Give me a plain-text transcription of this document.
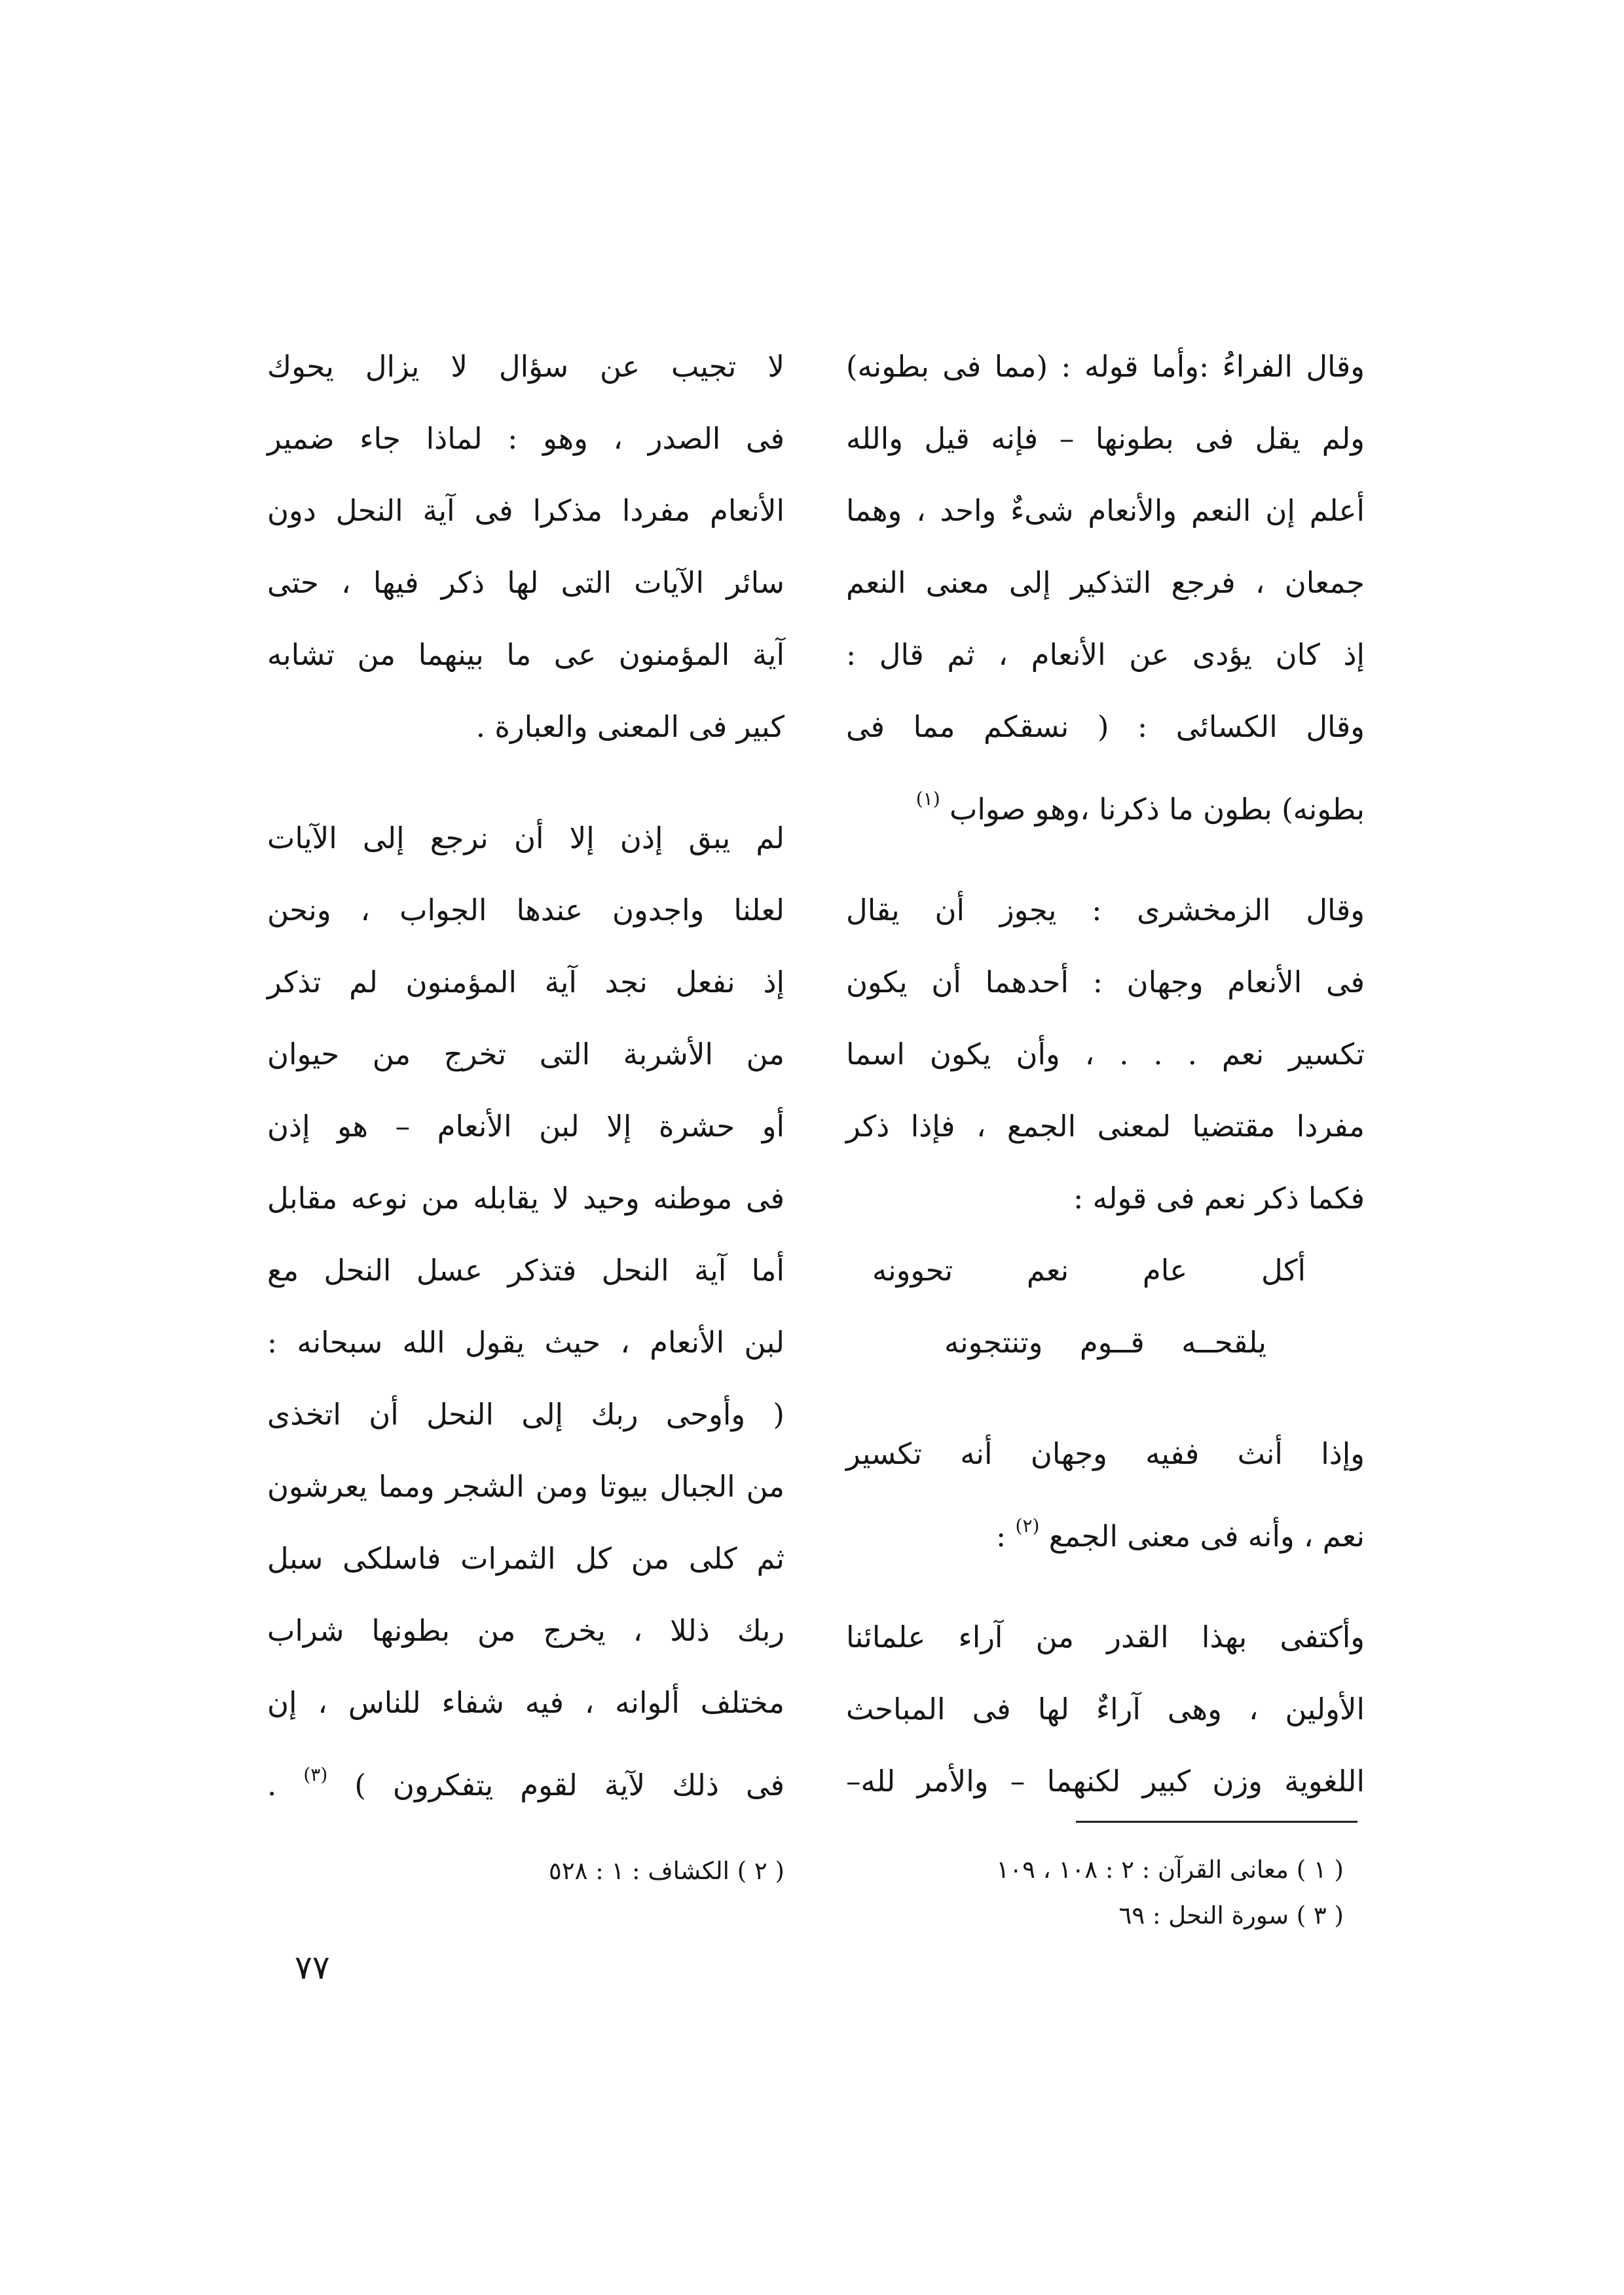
وقال الفراءُ :وأما قوله : (مما فى بطونه)
ولم يقل فى بطونها – فإنه قيل والله
أعلم إن النعم والأنعام شىءٌ واحد ، وهما
جمعان ، فرجع التذكير إلى معنى النعم
إذ كان يؤدى عن الأنعام ، ثم قال :
وقال الكسائى : ( نسقكم مما فى
بطونه) بطون ما ذكرنا ،وهو صواب $^{(١)}$
وقال الزمخشرى : يجوز أن يقال
فى الأنعام وجهان : أحدهما أن يكون
تكسير نعم . . . ، وأن يكون اسما
مفردا مقتضيا لمعنى الجمع ، فإذا ذكر
فكما ذكر نعم فى قوله :
أكل عام نعم تحوونه
يلقحــه قــوم وتنتجونه
وإذا أنث ففيه وجهان أنه تكسير
نعم ، وأنه فى معنى الجمع $^{(٢)}$ :
وأكتفى بهذا القدر من آراء علمائنا
الأولين ، وهى آراءٌ لها فى المباحث
اللغوية وزن كبير لكنهما – والأمر لله–
لا تجيب عن سؤال لا يزال يحوك
فى الصدر ، وهو : لماذا جاء ضمير
الأنعام مفردا مذكرا فى آية النحل دون
سائر الآيات التى لها ذكر فيها ، حتى
آية المؤمنون عى ما بينهما من تشابه
كبير فى المعنى والعبارة .
لم يبق إذن إلا أن نرجع إلى الآيات
لعلنا واجدون عندها الجواب ، ونحن
إذ نفعل نجد آية المؤمنون لم تذكر
من الأشربة التى تخرج من حيوان
أو حشرة إلا لبن الأنعام – هو إذن
فى موطنه وحيد لا يقابله من نوعه مقابل
أما آية النحل فتذكر عسل النحل مع
لبن الأنعام ، حيث يقول الله سبحانه :
( وأوحى ربك إلى النحل أن اتخذى
من الجبال بيوتا ومن الشجر ومما يعرشون
ثم كلى من كل الثمرات فاسلكى سبل
ربك ذللا ، يخرج من بطونها شراب
مختلف ألوانه ، فيه شفاء للناس ، إن
فى ذلك لآية لقوم يتفكرون ) $^{(٣)}$ .
( ١ ) معانى القرآن : ٢ : ١٠٨ ، ١٠٩
( ٣ ) سورة النحل : ٦٩
( ٢ ) الكشاف : ١ : ٥٢٨
٧٧
